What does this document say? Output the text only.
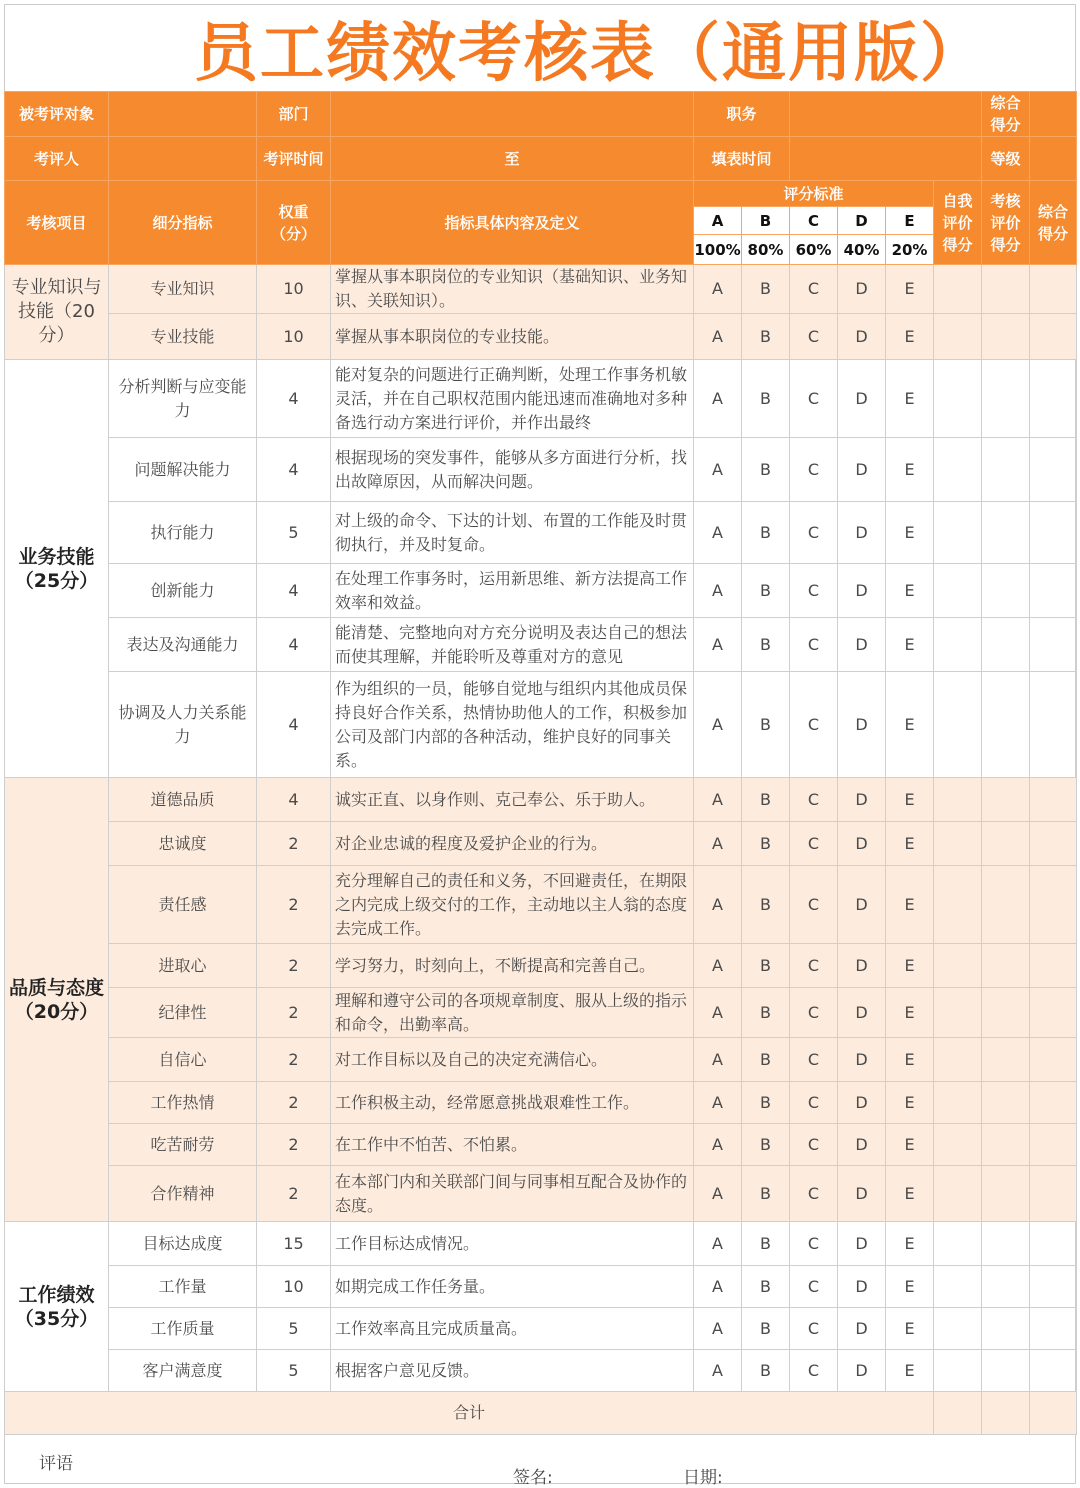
员工绩效考核表（通用版）
被考评对象		部门		职务						综合得分	
考评人		考评时间	至	填表时间						等级	
考核项目	细分指标	权重（分）	指标具体内容及定义	评分标准					自我评价得分	考核评价得分	综合得分
				A	B	C	D	E			
				100%	80%	60%	40%	20%			
专业知识与技能（20分）	专业知识	10	掌握从事本职岗位的专业知识（基础知识、业务知识、关联知识）。	A	B	C	D	E			
	专业技能	10	掌握从事本职岗位的专业技能。	A	B	C	D	E			
业务技能（25分）	分析判断与应变能力	4	能对复杂的问题进行正确判断，处理工作事务机敏灵活，并在自己职权范围内能迅速而准确地对多种备选行动方案进行评价，并作出最终	A	B	C	D	E			
	问题解决能力	4	根据现场的突发事件，能够从多方面进行分析，找出故障原因，从而解决问题。	A	B	C	D	E			
	执行能力	5	对上级的命令、下达的计划、布置的工作能及时贯彻执行，并及时复命。	A	B	C	D	E			
	创新能力	4	在处理工作事务时，运用新思维、新方法提高工作效率和效益。	A	B	C	D	E			
	表达及沟通能力	4	能清楚、完整地向对方充分说明及表达自己的想法而使其理解，并能聆听及尊重对方的意见	A	B	C	D	E			
	协调及人力关系能力	4	作为组织的一员，能够自觉地与组织内其他成员保持良好合作关系，热情协助他人的工作，积极参加公司及部门内部的各种活动，维护良好的同事关系。	A	B	C	D	E			
品质与态度（20分）	道德品质	4	诚实正直、以身作则、克己奉公、乐于助人。	A	B	C	D	E			
	忠诚度	2	对企业忠诚的程度及爱护企业的行为。	A	B	C	D	E			
	责任感	2	充分理解自己的责任和义务，不回避责任，在期限之内完成上级交付的工作，主动地以主人翁的态度去完成工作。	A	B	C	D	E			
	进取心	2	学习努力，时刻向上，不断提高和完善自己。	A	B	C	D	E			
	纪律性	2	理解和遵守公司的各项规章制度、服从上级的指示和命令，出勤率高。	A	B	C	D	E			
	自信心	2	对工作目标以及自己的决定充满信心。	A	B	C	D	E			
	工作热情	2	工作积极主动，经常愿意挑战艰难性工作。	A	B	C	D	E			
	吃苦耐劳	2	在工作中不怕苦、不怕累。	A	B	C	D	E			
	合作精神	2	在本部门内和关联部门间与同事相互配合及协作的态度。	A	B	C	D	E			
工作绩效（35分）	目标达成度	15	工作目标达成情况。	A	B	C	D	E			
	工作量	10	如期完成工作任务量。	A	B	C	D	E			
	工作质量	5	工作效率高且完成质量高。	A	B	C	D	E			
	客户满意度	5	根据客户意见反馈。	A	B	C	D	E			
合计											
评语
签名:	日期:
